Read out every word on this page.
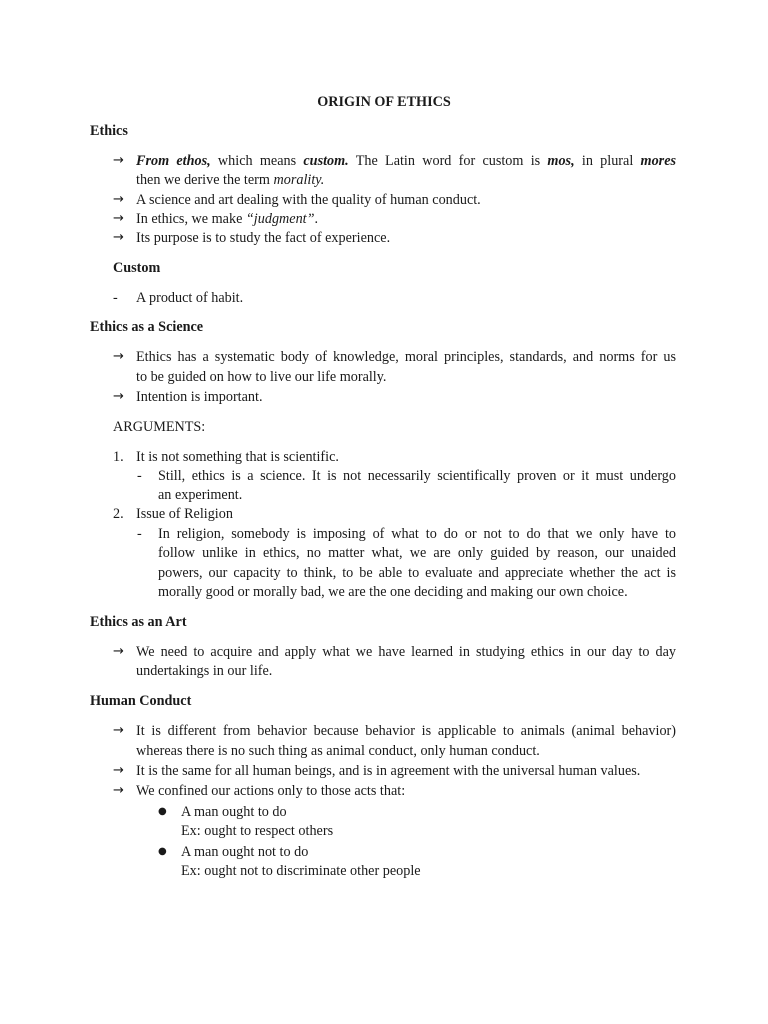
ORIGIN OF ETHICS
Ethics
→ From ethos, which means custom. The Latin word for custom is mos, in plural mores
then we derive the term morality.
→ A science and art dealing with the quality of human conduct.
→ In ethics, we make “judgment”.
→ Its purpose is to study the fact of experience.
Custom
- A product of habit.
Ethics as a Science
→ Ethics has a systematic body of knowledge, moral principles, standards, and norms for us
to be guided on how to live our life morally.
→ Intention is important.
ARGUMENTS:
1. It is not something that is scientific.
- Still, ethics is a science. It is not necessarily scientifically proven or it must undergo
an experiment.
2. Issue of Religion
- In religion, somebody is imposing of what to do or not to do that we only have to
follow unlike in ethics, no matter what, we are only guided by reason, our unaided
powers, our capacity to think, to be able to evaluate and appreciate whether the act is
morally good or morally bad, we are the one deciding and making our own choice.
Ethics as an Art
→ We need to acquire and apply what we have learned in studying ethics in our day to day
undertakings in our life.
Human Conduct
→ It is different from behavior because behavior is applicable to animals (animal behavior)
whereas there is no such thing as animal conduct, only human conduct.
→ It is the same for all human beings, and is in agreement with the universal human values.
→ We confined our actions only to those acts that:
● A man ought to do
Ex: ought to respect others
● A man ought not to do
Ex: ought not to discriminate other people
